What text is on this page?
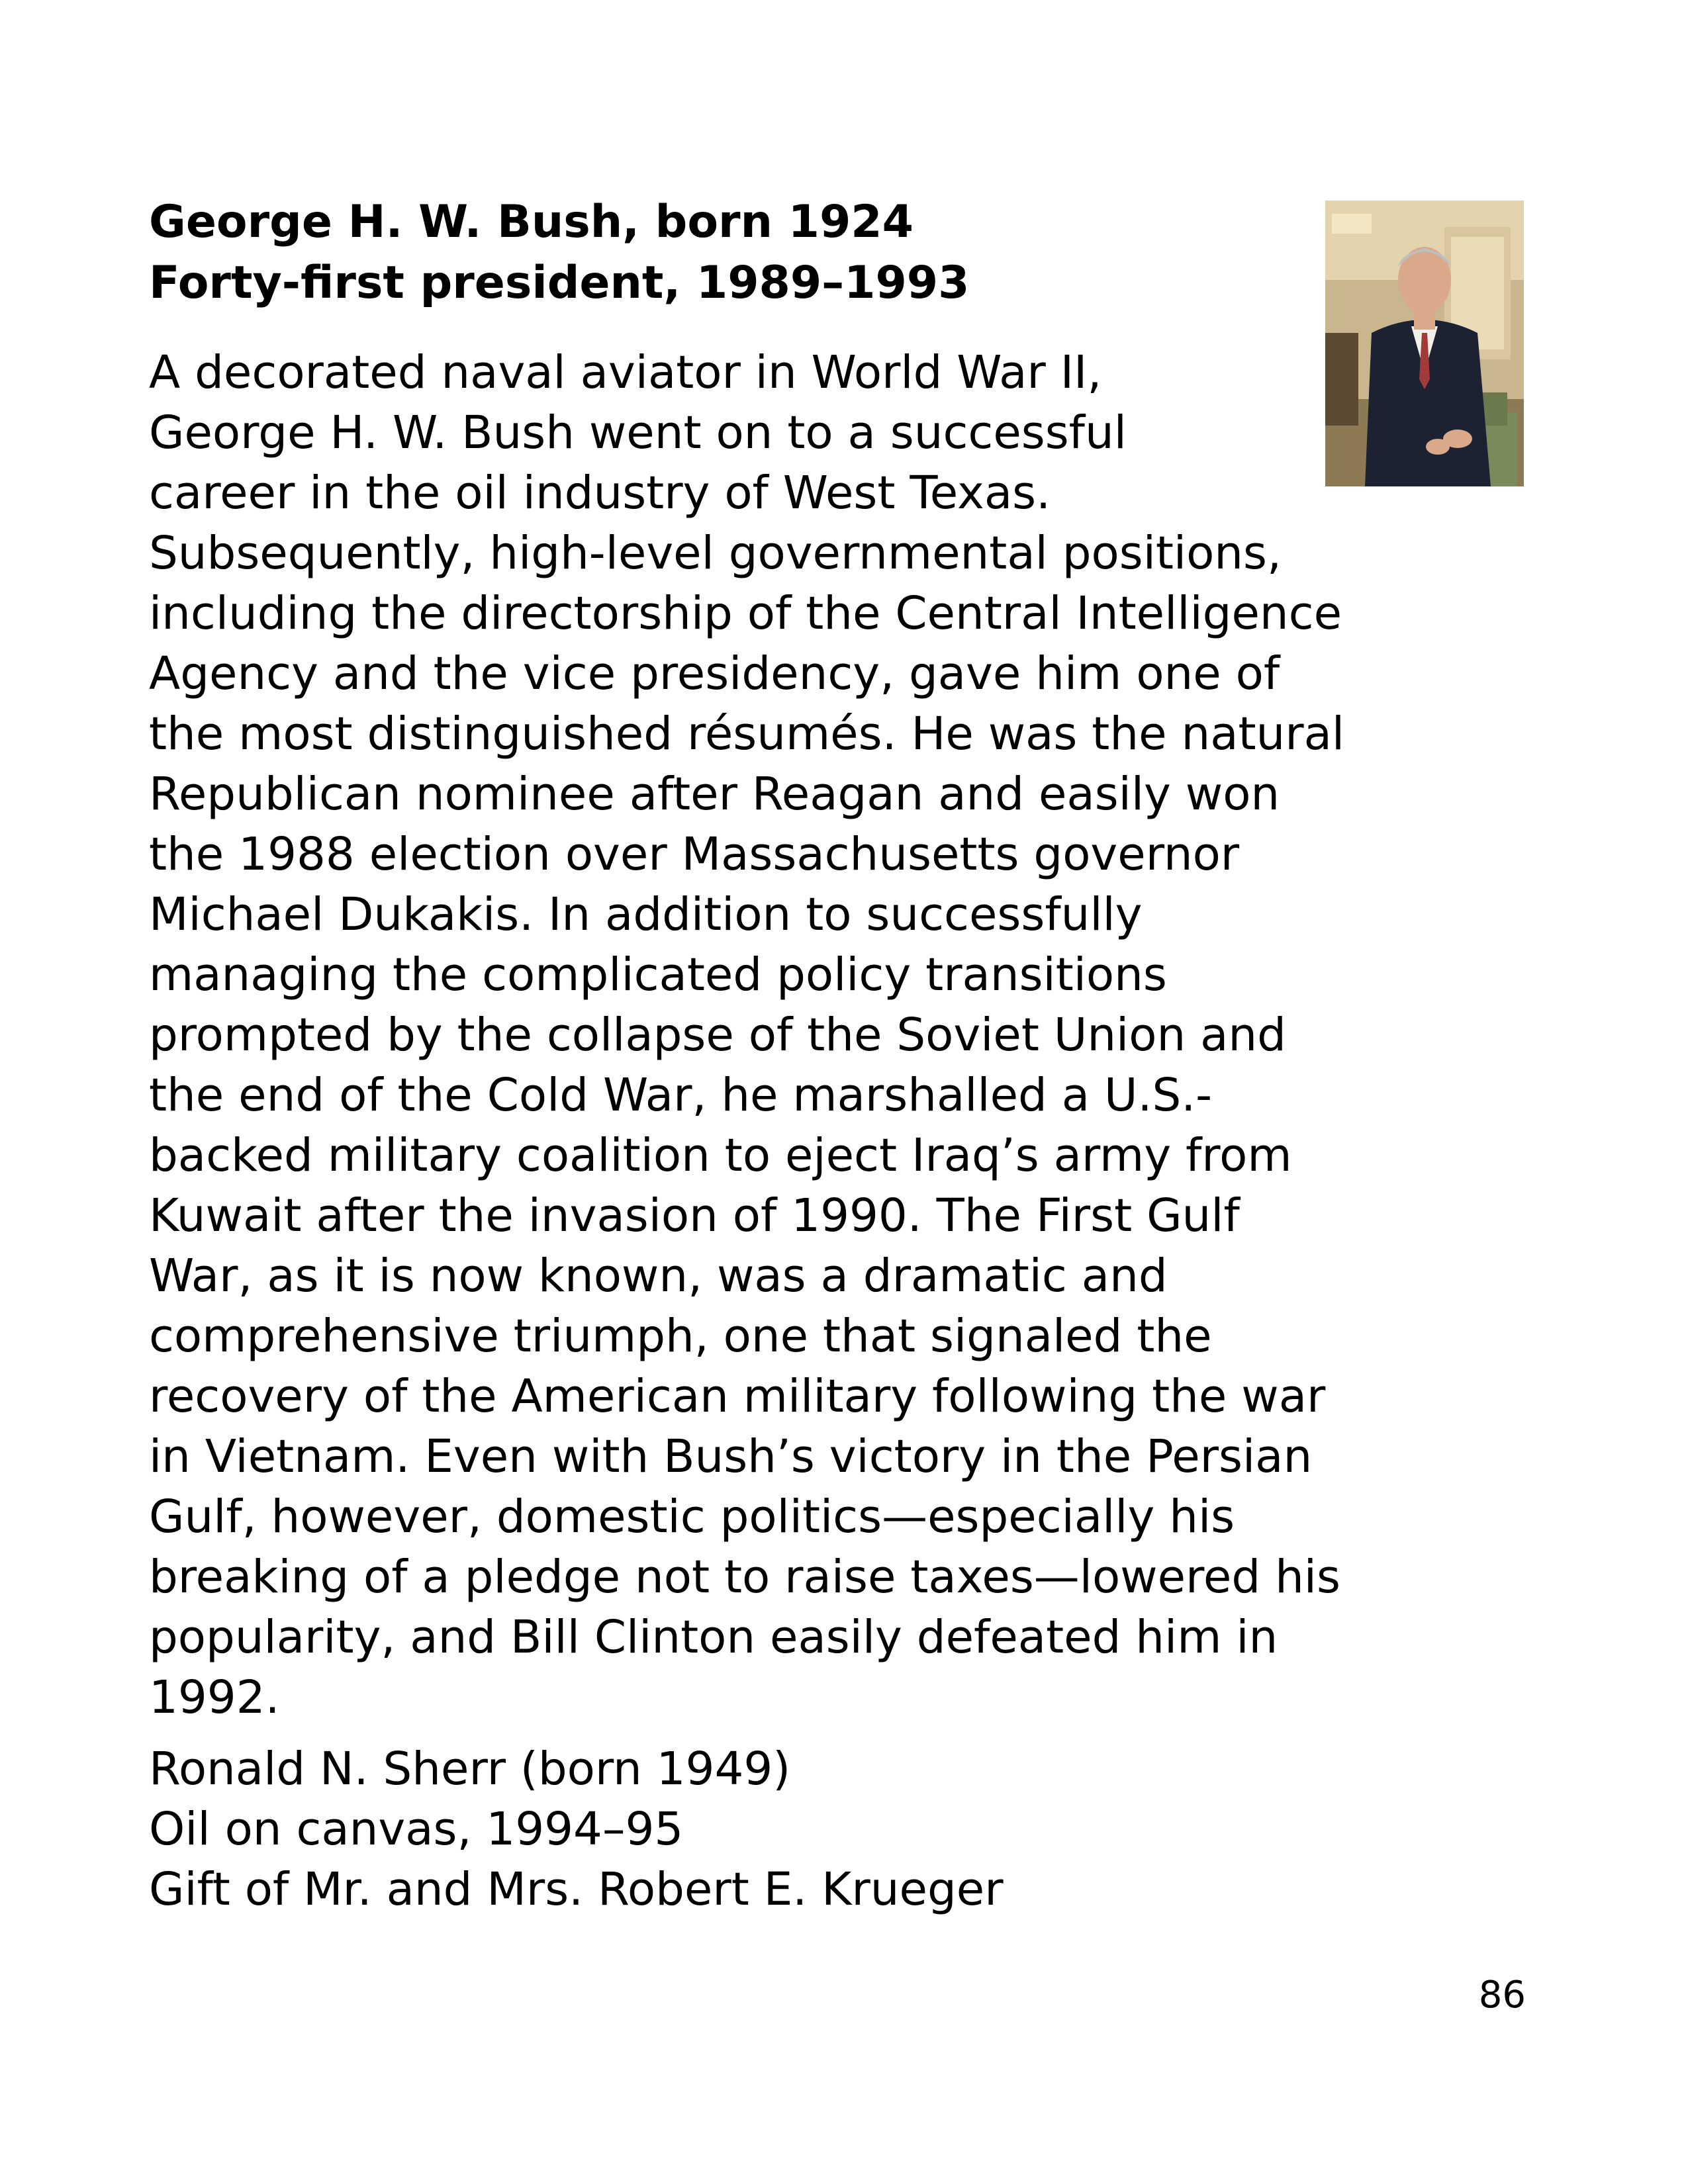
George H. W. Bush, born 1924
Forty-first president, 1989–1993
A decorated naval aviator in World War II,
George H. W. Bush went on to a successful
career in the oil industry of West Texas.
Subsequently, high-level governmental positions,
including the directorship of the Central Intelligence
Agency and the vice presidency, gave him one of
the most distinguished résumés. He was the natural
Republican nominee after Reagan and easily won
the 1988 election over Massachusetts governor
Michael Dukakis. In addition to successfully
managing the complicated policy transitions
prompted by the collapse of the Soviet Union and
the end of the Cold War, he marshalled a U.S.-
backed military coalition to eject Iraq’s army from
Kuwait after the invasion of 1990. The First Gulf
War, as it is now known, was a dramatic and
comprehensive triumph, one that signaled the
recovery of the American military following the war
in Vietnam. Even with Bush’s victory in the Persian
Gulf, however, domestic politics—especially his
breaking of a pledge not to raise taxes—lowered his
popularity, and Bill Clinton easily defeated him in
1992.
Ronald N. Sherr (born 1949)
Oil on canvas, 1994–95
Gift of Mr. and Mrs. Robert E. Krueger
86
